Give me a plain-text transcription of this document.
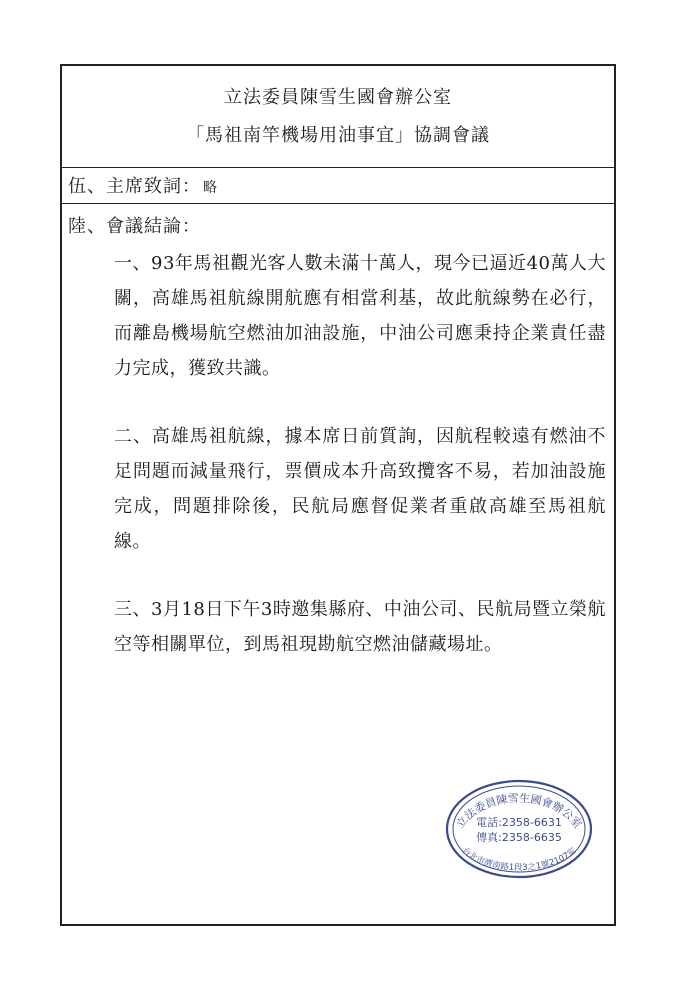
立法委員陳雪生國會辦公室
「馬祖南竿機場用油事宜」協調會議
伍、主席致詞： 略
陸、會議結論：

一、93年馬祖觀光客人數未滿十萬人，現今已逼近40萬人大關，高雄馬祖航線開航應有相當利基，故此航線勢在必行，而離島機場航空燃油加油設施，中油公司應秉持企業責任盡力完成，獲致共識。

二、高雄馬祖航線，據本席日前質詢，因航程較遠有燃油不足問題而減量飛行，票價成本升高致攬客不易，若加油設施完成，問題排除後，民航局應督促業者重啟高雄至馬祖航線。

三、3月18日下午3時邀集縣府、中油公司、民航局暨立榮航空等相關單位，到馬祖現勘航空燃油儲藏場址。

立法委員陳雪生國會辦公室
電話:2358-6631
傳真:2358-6635
台北市濟南路1段3之1號2107室
